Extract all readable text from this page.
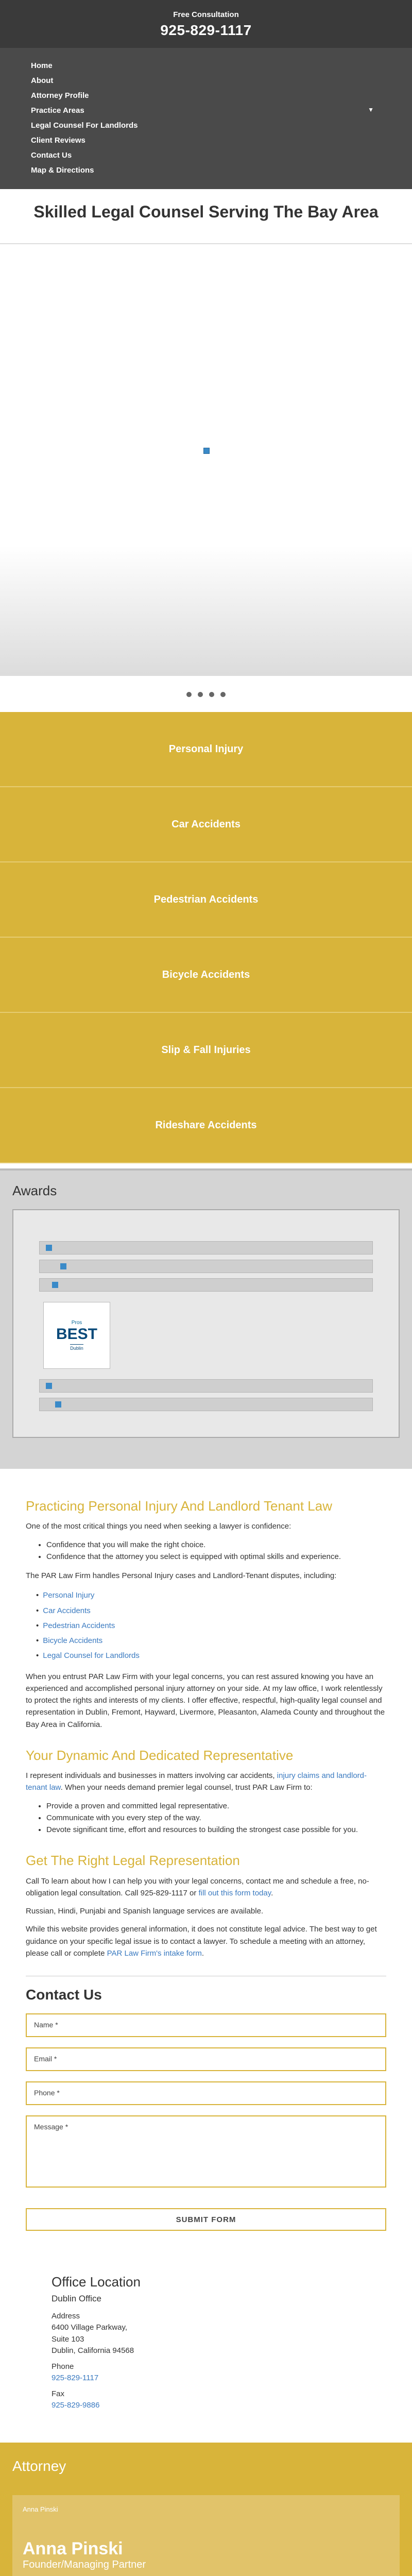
Free Consultation
925-829-1117
Home
About
Attorney Profile
Practice Areas	▼
Legal Counsel For Landlords
Client Reviews
Contact Us
Map & Directions
Skilled Legal Counsel Serving The Bay Area
Personal Injury
Car Accidents
Pedestrian Accidents
Bicycle Accidents
Slip & Fall Injuries
Rideshare Accidents
Awards
Pros
BEST
Dublin
Practicing Personal Injury And Landlord Tenant Law

One of the most critical things you need when seeking a lawyer is confidence:

• Confidence that you will make the right choice.
• Confidence that the attorney you select is equipped with optimal skills and experience.

The PAR Law Firm handles Personal Injury cases and Landlord-Tenant disputes, including:

• Personal Injury
• Car Accidents
• Pedestrian Accidents
• Bicycle Accidents
• Legal Counsel for Landlords

When you entrust PAR Law Firm with your legal concerns, you can rest assured knowing you have an experienced and accomplished personal injury attorney on your side. At my law office, I work relentlessly to protect the rights and interests of my clients. I offer effective, respectful, high-quality legal counsel and representation in Dublin, Fremont, Hayward, Livermore, Pleasanton, Alameda County and throughout the Bay Area in California.

Your Dynamic And Dedicated Representative

I represent individuals and businesses in matters involving car accidents, injury claims and landlord-tenant law. When your needs demand premier legal counsel, trust PAR Law Firm to:

• Provide a proven and committed legal representative.
• Communicate with you every step of the way.
• Devote significant time, effort and resources to building the strongest case possible for you.
Get The Right Legal Representation

Call To learn about how I can help you with your legal concerns, contact me and schedule a free, no-obligation legal consultation. Call 925-829-1117 or fill out this form today.

Russian, Hindi, Punjabi and Spanish language services are available.

While this website provides general information, it does not constitute legal advice. The best way to get guidance on your specific legal issue is to contact a lawyer. To schedule a meeting with an attorney, please call or complete PAR Law Firm's intake form.

Contact Us
Name *
Email *
Phone *
Message *
SUBMIT FORM
Office Location
Dublin Office
Address
6400 Village Parkway,
Suite 103
Dublin, California 94568
Phone
925-829-1117
Fax
925-829-9886
Attorney
Anna Pinski
Anna Pinski
Founder/Managing Partner
